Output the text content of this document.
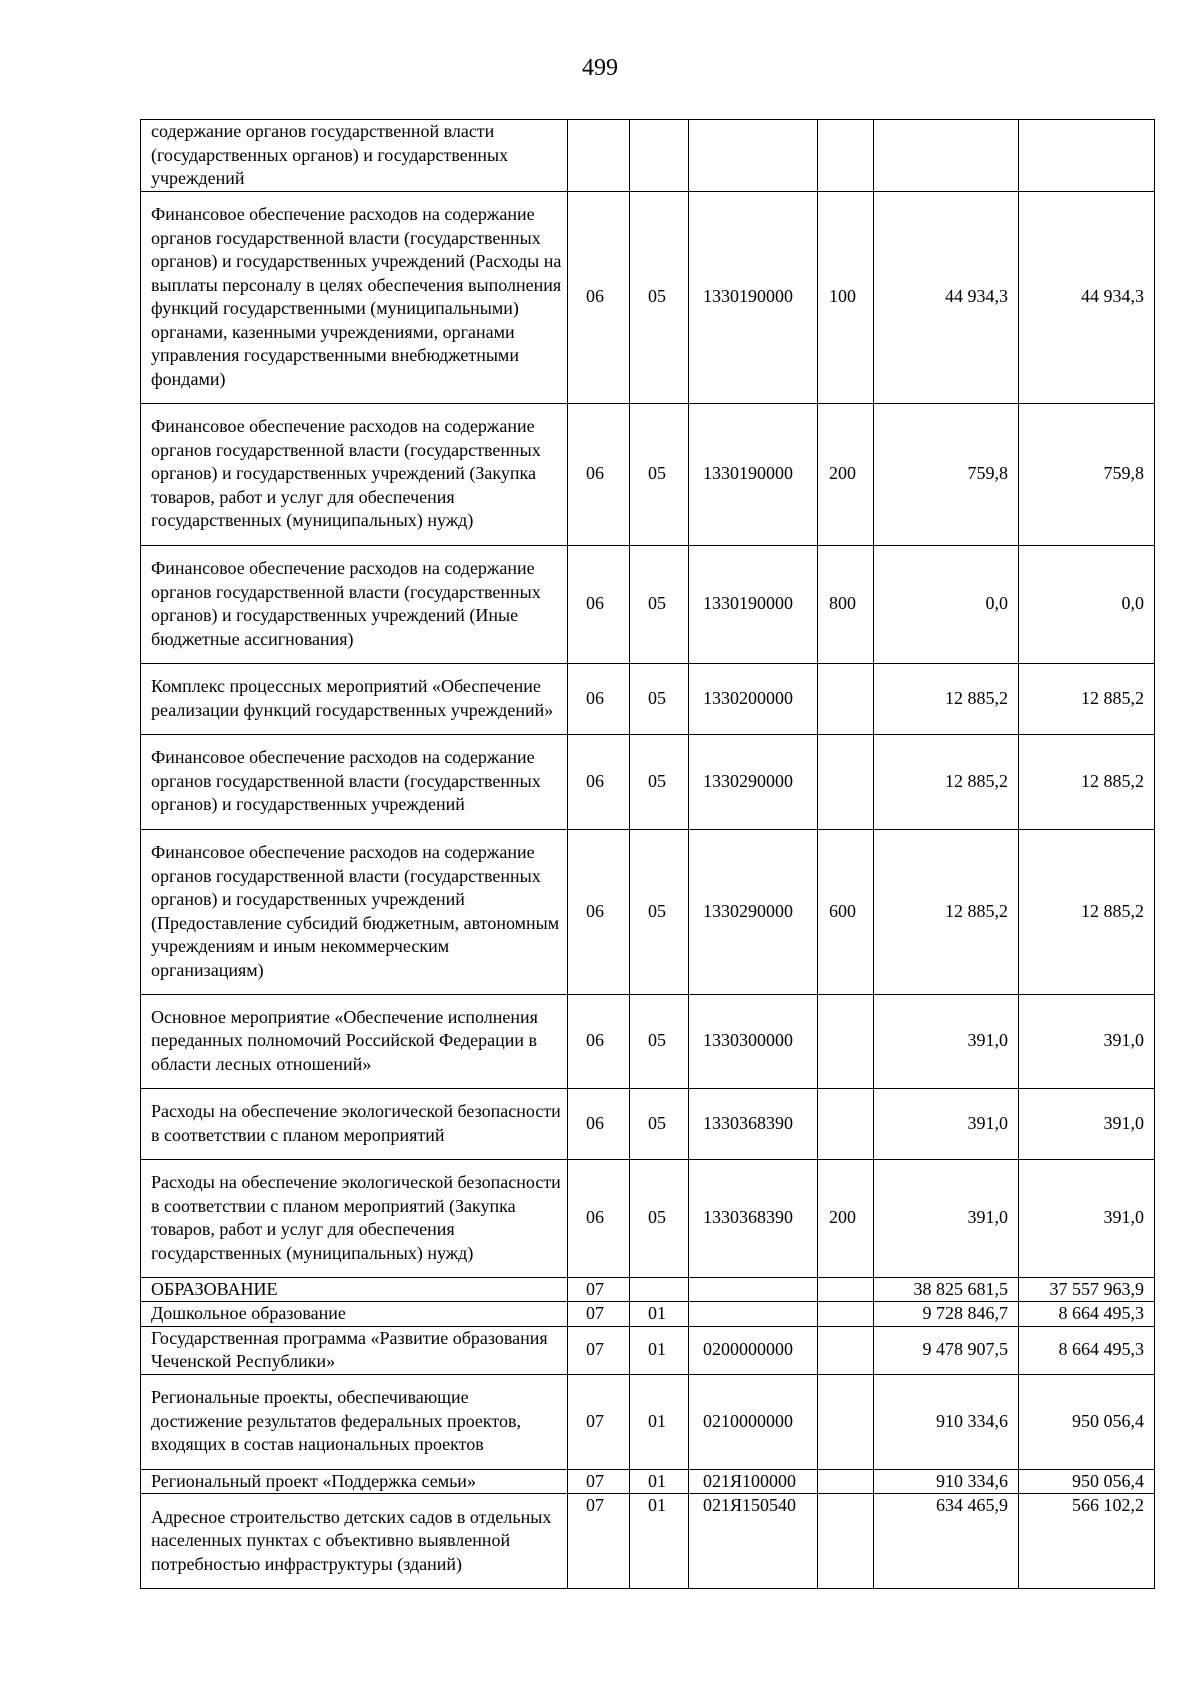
499
содержание органов государственной власти (государственных органов) и государственных учреждений						
Финансовое обеспечение расходов на содержание органов государственной власти (государственных органов) и государственных учреждений (Расходы на выплаты персоналу в целях обеспечения выполнения функций государственными (муниципальными) органами, казенными учреждениями, органами управления государственными внебюджетными фондами)	06	05	1330190000	100	44 934,3	44 934,3
Финансовое обеспечение расходов на содержание органов государственной власти (государственных органов) и государственных учреждений (Закупка товаров, работ и услуг для обеспечения государственных (муниципальных) нужд)	06	05	1330190000	200	759,8	759,8
Финансовое обеспечение расходов на содержание органов государственной власти (государственных органов) и государственных учреждений (Иные бюджетные ассигнования)	06	05	1330190000	800	0,0	0,0
Комплекс процессных мероприятий «Обеспечение реализации функций государственных учреждений»	06	05	1330200000		12 885,2	12 885,2
Финансовое обеспечение расходов на содержание органов государственной власти (государственных органов) и государственных учреждений	06	05	1330290000		12 885,2	12 885,2
Финансовое обеспечение расходов на содержание органов государственной власти (государственных органов) и государственных учреждений (Предоставление субсидий бюджетным, автономным учреждениям и иным некоммерческим организациям)	06	05	1330290000	600	12 885,2	12 885,2
Основное мероприятие «Обеспечение исполнения переданных полномочий Российской Федерации в области лесных отношений»	06	05	1330300000		391,0	391,0
Расходы на обеспечение экологической безопасности в соответствии с планом мероприятий	06	05	1330368390		391,0	391,0
Расходы на обеспечение экологической безопасности в соответствии с планом мероприятий (Закупка товаров, работ и услуг для обеспечения государственных (муниципальных) нужд)	06	05	1330368390	200	391,0	391,0
ОБРАЗОВАНИЕ	07				38 825 681,5	37 557 963,9
Дошкольное образование	07	01			9 728 846,7	8 664 495,3
Государственная программа «Развитие образования Чеченской Республики»	07	01	0200000000		9 478 907,5	8 664 495,3
Региональные проекты, обеспечивающие достижение результатов федеральных проектов, входящих в состав национальных проектов	07	01	0210000000		910 334,6	950 056,4
Региональный проект «Поддержка семьи»	07	01	021Я100000		910 334,6	950 056,4
Адресное строительство детских садов в отдельных населенных пунктах с объективно выявленной потребностью инфраструктуры (зданий)	07	01	021Я150540		634 465,9	566 102,2
